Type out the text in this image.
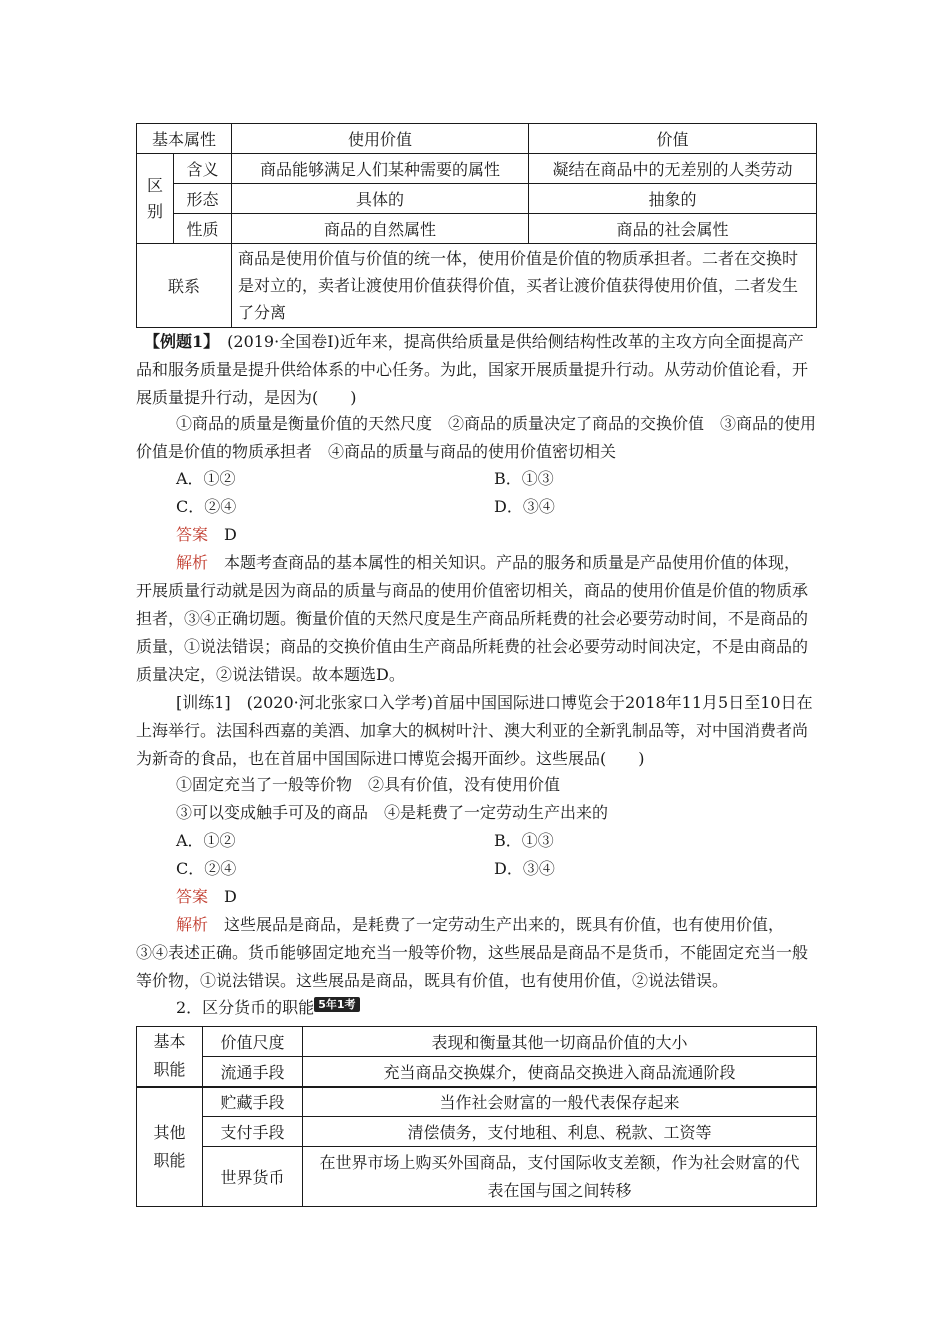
基本属性		使用价值	价值
区
别	含义	商品能够满足人们某种需要的属性	凝结在商品中的无差别的人类劳动
	形态	具体的	抽象的
	性质	商品的自然属性	商品的社会属性
联系		商品是使用价值与价值的统一体，使用价值是价值的物质承担者。二者在交换时是对立的，卖者让渡使用价值获得价值，买者让渡价值获得使用价值，二者发生了分离	
【例题1】　(2019·全国卷Ⅰ)近年来，提高供给质量是供给侧结构性改革的主攻方向全面提高产品和服务质量是提升供给体系的中心任务。为此，国家开展质量提升行动。从劳动价值论看，开展质量提升行动，是因为(　　)
①商品的质量是衡量价值的天然尺度　②商品的质量决定了商品的交换价值　③商品的使用价值是价值的物质承担者　④商品的质量与商品的使用价值密切相关
A．①②	B．①③
C．②④	D．③④
答案　 D
解析　 本题考查商品的基本属性的相关知识。产品的服务和质量是产品使用价值的体现，开展质量行动就是因为商品的质量与商品的使用价值密切相关，商品的使用价值是价值的物质承担者，③④正确切题。衡量价值的天然尺度是生产商品所耗费的社会必要劳动时间，不是商品的质量，①说法错误；商品的交换价值由生产商品所耗费的社会必要劳动时间决定，不是由商品的质量决定，②说法错误。故本题选D。
[训练1]　(2020·河北张家口入学考)首届中国国际进口博览会于2018年11月5日至10日在上海举行。法国科西嘉的美酒、加拿大的枫树叶汁、澳大利亚的全新乳制品等，对中国消费者尚为新奇的食品，也在首届中国国际进口博览会揭开面纱。这些展品(　　)
①固定充当了一般等价物　②具有价值，没有使用价值
③可以变成触手可及的商品　④是耗费了一定劳动生产出来的
A．①②	B．①③
C．②④	D．③④
答案　 D
解析　 这些展品是商品，是耗费了一定劳动生产出来的，既具有价值，也有使用价值，③④表述正确。货币能够固定地充当一般等价物，这些展品是商品不是货币，不能固定充当一般等价物，①说法错误。这些展品是商品，既具有价值，也有使用价值，②说法错误。
2．区分货币的职能 5年1考
基本
职能	价值尺度	表现和衡量其他一切商品价值的大小
	流通手段	充当商品交换媒介，使商品交换进入商品流通阶段
其他
职能	贮藏手段	当作社会财富的一般代表保存起来
	支付手段	清偿债务，支付地租、利息、税款、工资等
	世界货币	在世界市场上购买外国商品，支付国际收支差额，作为社会财富的代表在国与国之间转移
